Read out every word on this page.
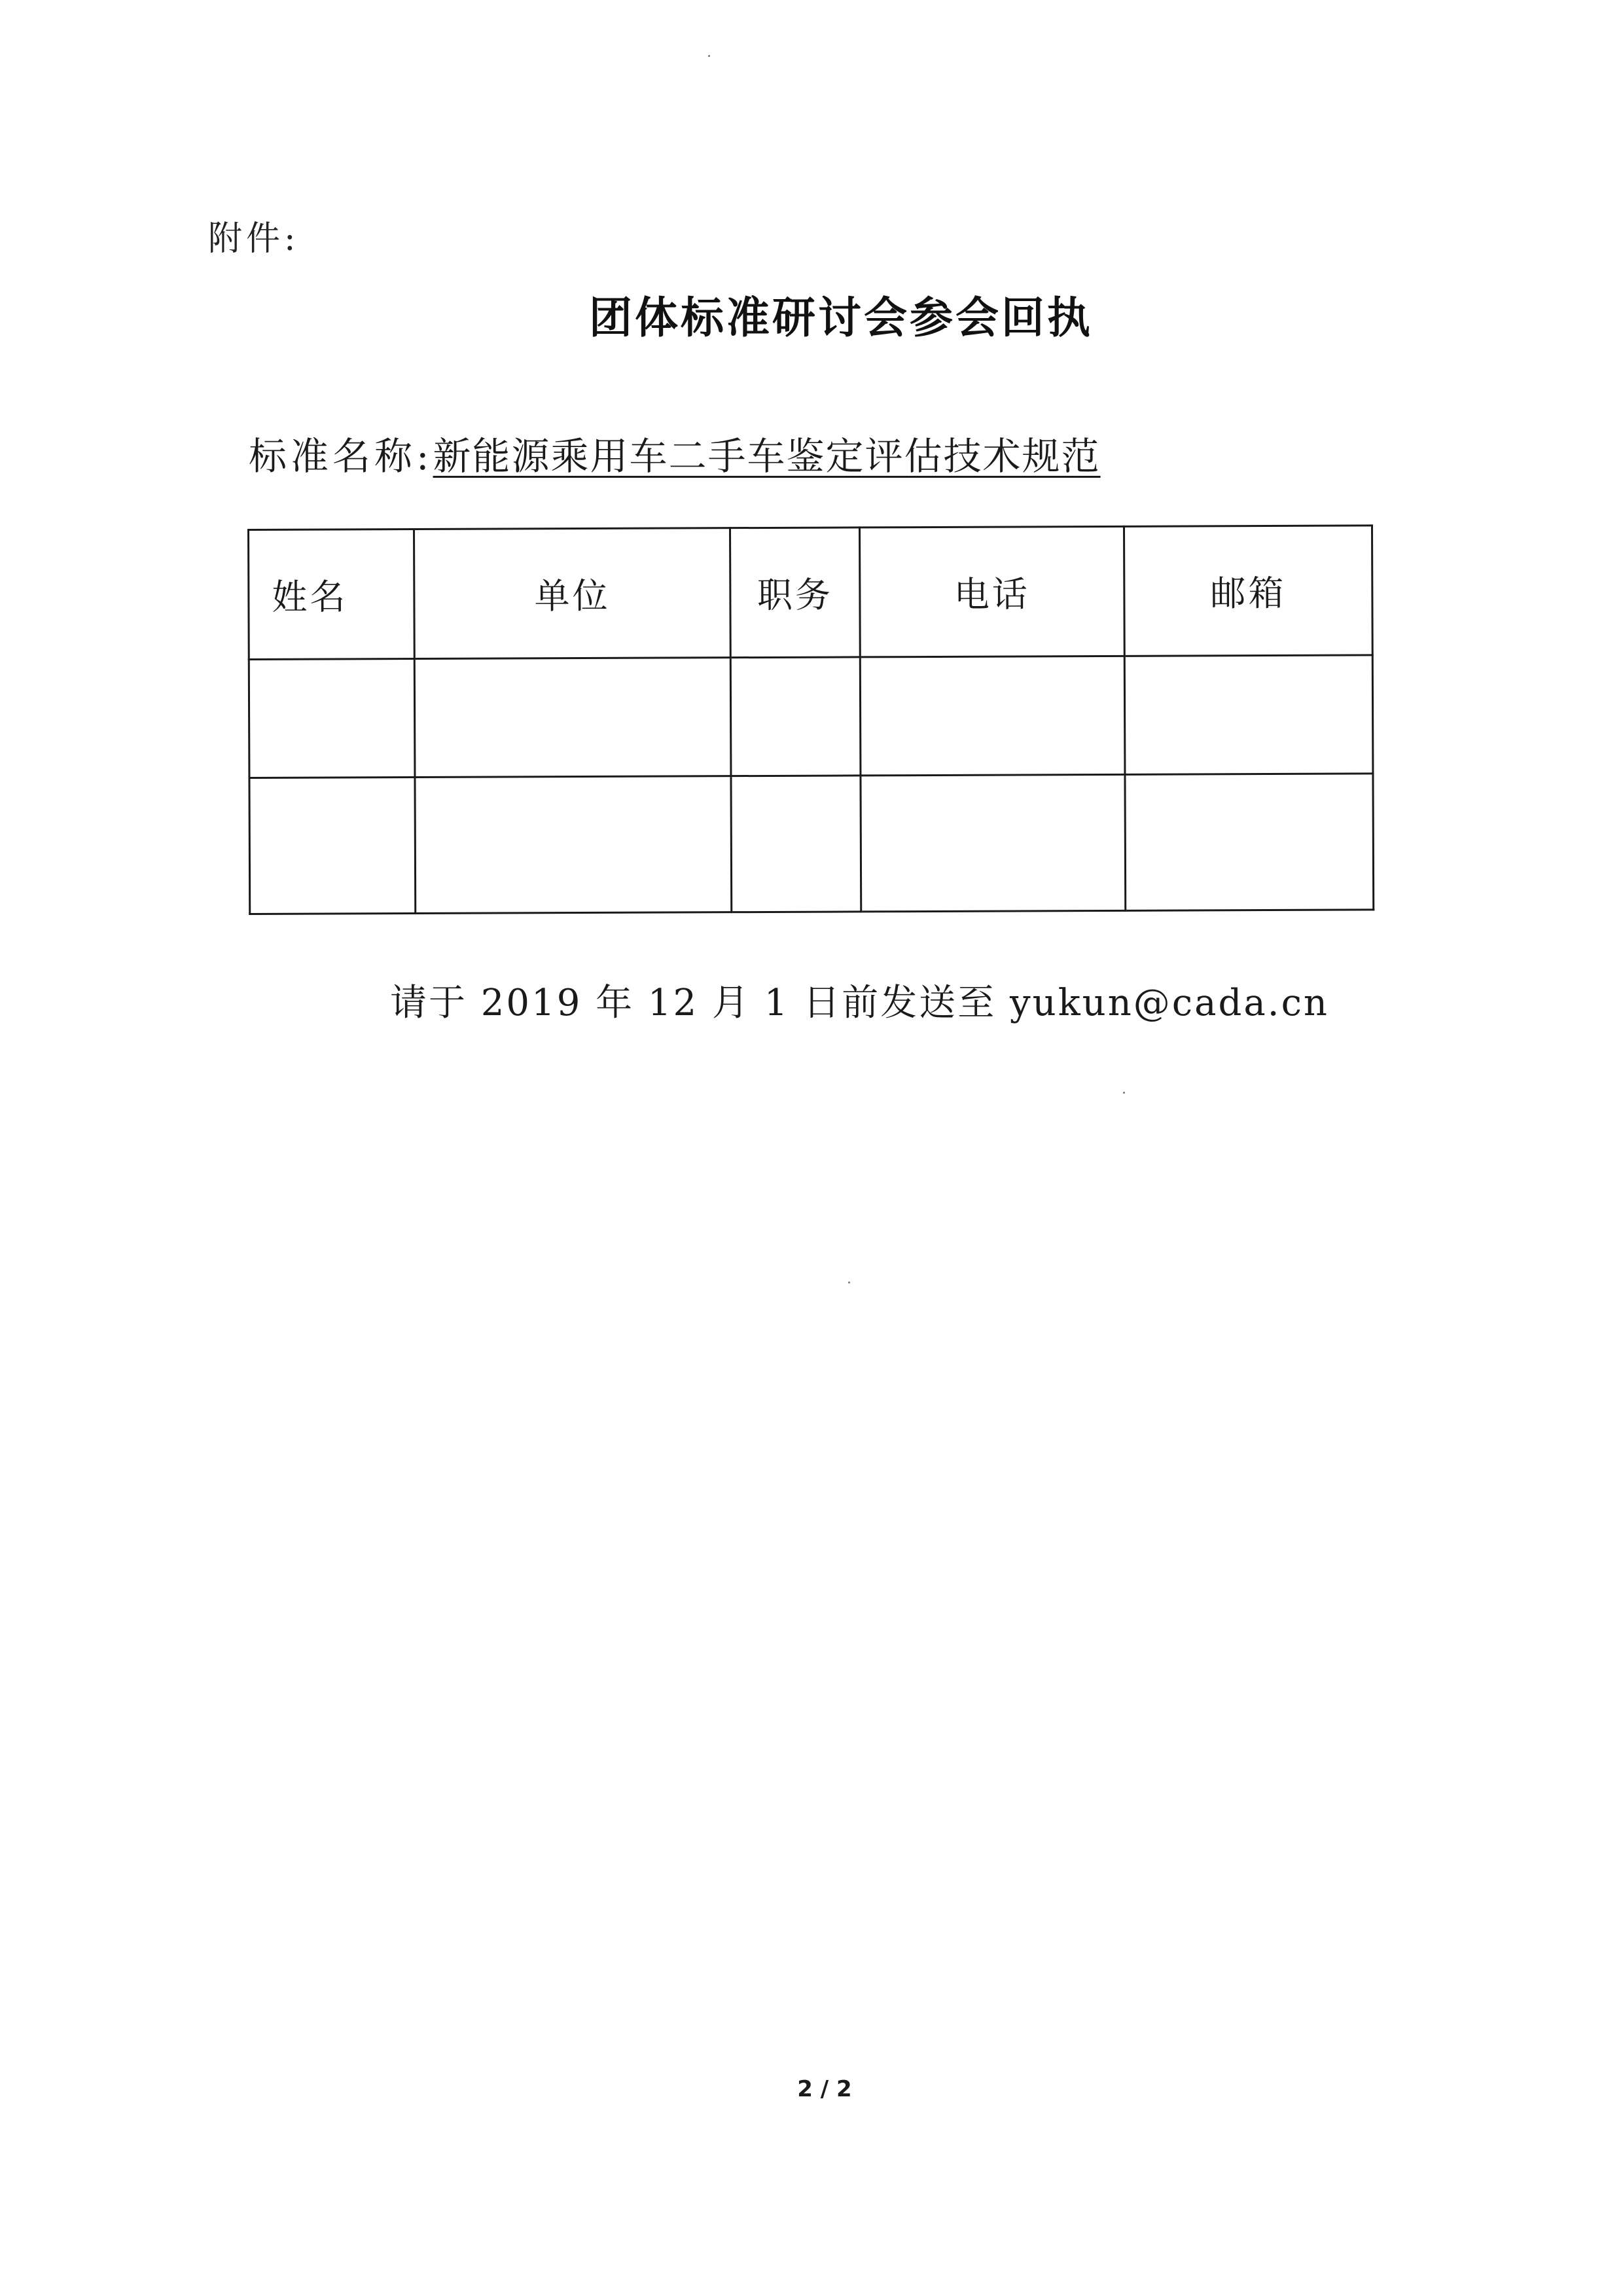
附件:
团体标准研讨会参会回执
标准名称:新能源乘用车二手车鉴定评估技术规范
姓名	单位	职务	电话	邮箱

请于 2019 年 12 月 1 日前发送至 yukun@cada.cn
2 / 2
